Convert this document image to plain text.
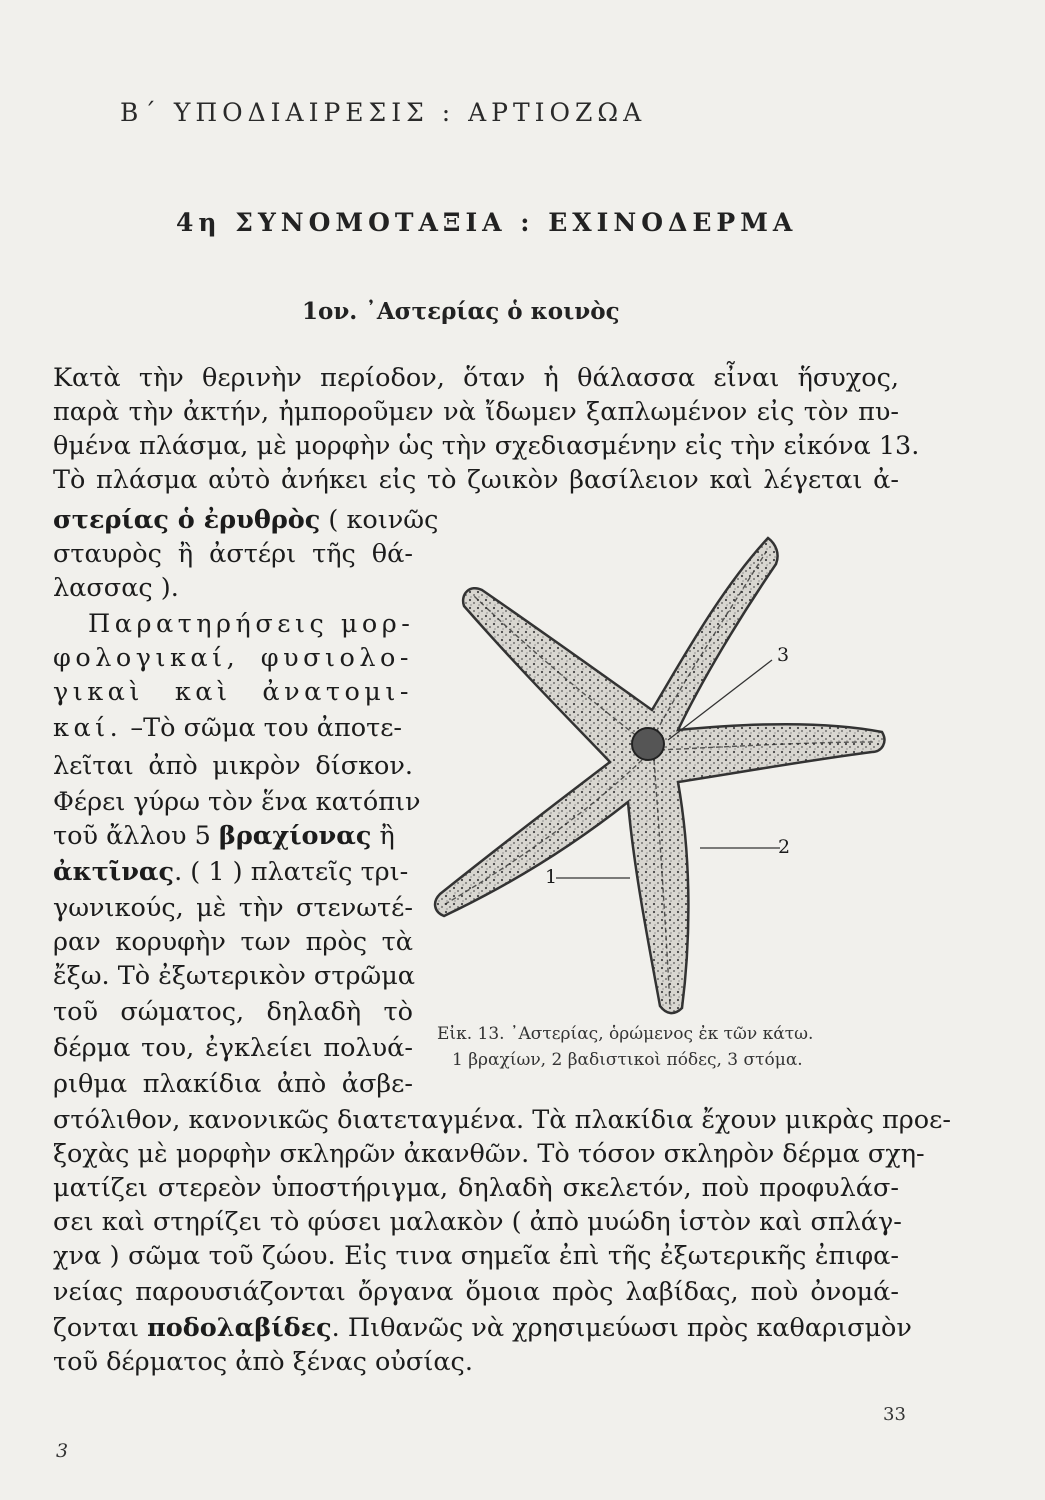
Β΄ ΥΠΟΔΙΑΙΡΕΣΙΣ : ΑΡΤΙΟΖΩΑ
4η ΣΥΝΟΜΟΤΑΞΙΑ : ΕΧΙΝΟΔΕΡΜΑ
1ον. ᾿Αστερίας ὁ κοινὸς
Κατὰ τὴν θερινὴν περίοδον, ὅταν ἡ θάλασσα εἶναι ἥσυχος,
παρὰ τὴν ἀκτήν, ἠμποροῦμεν νὰ ἴδωμεν ξαπλωμένον εἰς τὸν πυ-
θμένα πλάσμα, μὲ μορφὴν ὡς τὴν σχεδιασμένην εἰς τὴν εἰκόνα 13.
Τὸ πλάσμα αὐτὸ ἀνήκει εἰς τὸ ζωικὸν βασίλειον καὶ λέγεται ἀ-
στερίας ὁ ἐρυθρὸς ( κοινῶς
σταυρὸς ἢ ἀστέρι τῆς θά-
λασσας ).
Παρατηρήσεις μορ-
φολογικαί, φυσιολο-
γικαὶ καὶ ἀνατομι-
καί. –Τὸ σῶμα του ἀποτε-
λεῖται ἀπὸ μικρὸν δίσκον.
Φέρει γύρω τὸν ἕνα κατόπιν
τοῦ ἄλλου 5 βραχίονας ἢ
ἀκτῖνας. ( 1 ) πλατεῖς τρι-
γωνικούς, μὲ τὴν στενωτέ-
ραν κορυφὴν των πρὸς τὰ
ἔξω. Τὸ ἐξωτερικὸν στρῶμα
τοῦ σώματος, δηλαδὴ τὸ
δέρμα του, ἐγκλείει πολυά-
ριθμα πλακίδια ἀπὸ ἀσβε-
στόλιθον, κανονικῶς διατεταγμένα. Τὰ πλακίδια ἔχουν μικρὰς προε-
ξοχὰς μὲ μορφὴν σκληρῶν ἀκανθῶν. Τὸ τόσον σκληρὸν δέρμα σχη-
ματίζει στερεὸν ὑποστήριγμα, δηλαδὴ σκελετόν, ποὺ προφυλάσ-
σει καὶ στηρίζει τὸ φύσει μαλακὸν ( ἀπὸ μυώδη ἱστὸν καὶ σπλάγ-
χνα ) σῶμα τοῦ ζώου. Εἰς τινα σημεῖα ἐπὶ τῆς ἐξωτερικῆς ἐπιφα-
νείας παρουσιάζονται ὄργανα ὅμοια πρὸς λαβίδας, ποὺ ὀνομά-
ζονται ποδολαβίδες. Πιθανῶς νὰ χρησιμεύωσι πρὸς καθαρισμὸν
τοῦ δέρματος ἀπὸ ξένας οὐσίας.
3
2
1
Εἰκ. 13. ᾿Αστερίας, ὁρώμενος ἐκ τῶν κάτω.
1 βραχίων, 2 βαδιστικοὶ πόδες, 3 στόμα.
33
3
